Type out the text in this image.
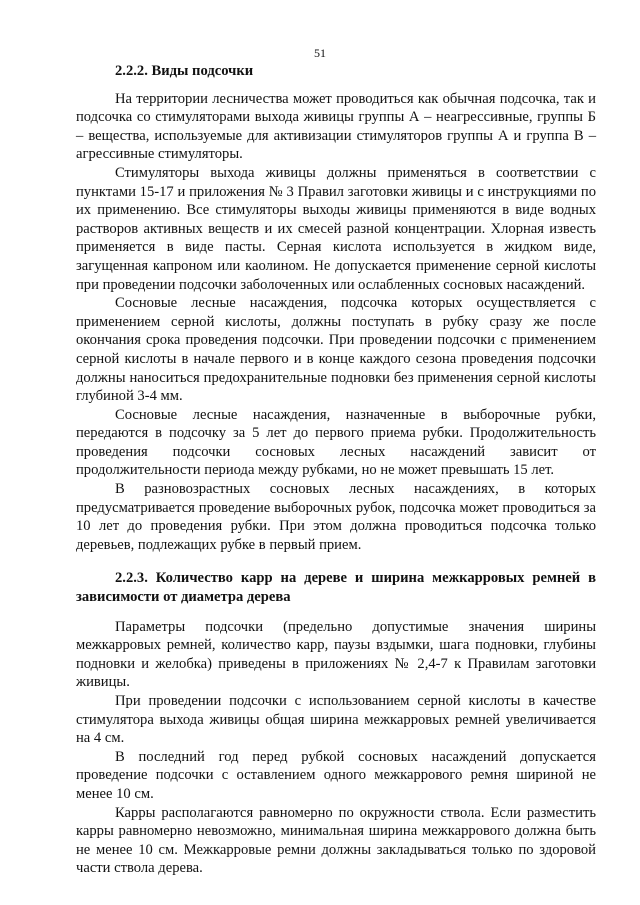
51
2.2.2. Виды подсочки

На территории лесничества может проводиться как обычная подсочка, так и подсочка со стимуляторами выхода живицы группы А – неагрессивные, группы Б – вещества, используемые для активизации стимуляторов группы А и группа В – агрессивные стимуляторы.

Стимуляторы выхода живицы должны применяться в соответствии с пунктами 15-17 и приложения № 3 Правил заготовки живицы и с инструкциями по их применению. Все стимуляторы выходы живицы применяются в виде водных растворов активных веществ и их смесей разной концентрации. Хлорная известь применяется в виде пасты. Серная кислота используется в жидком виде, загущенная капроном или каолином. Не допускается применение серной кислоты при проведении подсочки заболоченных или ослабленных сосновых насаждений.

Сосновые лесные насаждения, подсочка которых осуществляется с применением серной кислоты, должны поступать в рубку сразу же после окончания срока проведения подсочки. При проведении подсочки с применением серной кислоты в начале первого и в конце каждого сезона проведения подсочки должны наноситься предохранительные подновки без применения серной кислоты глубиной 3-4 мм.

Сосновые лесные насаждения, назначенные в выборочные рубки, передаются в подсочку за 5 лет до первого приема рубки. Продолжительность проведения подсочки сосновых лесных насаждений зависит от продолжительности периода между рубками, но не может превышать 15 лет.

В разновозрастных сосновых лесных насаждениях, в которых предусматривается проведение выборочных рубок, подсочка может проводиться за 10 лет до проведения рубки. При этом должна проводиться подсочка только деревьев, подлежащих рубке в первый прием.

2.2.3. Количество карр на дереве и ширина межкарровых ремней в зависимости от диаметра дерева

Параметры подсочки (предельно допустимые значения ширины межкарровых ремней, количество карр, паузы вздымки, шага подновки, глубины подновки и желобка) приведены в приложениях № 2,4-7 к Правилам заготовки живицы.

При проведении подсочки с использованием серной кислоты в качестве стимулятора выхода живицы общая ширина межкарровых ремней увеличивается на 4 см.

В последний год перед рубкой сосновых насаждений допускается проведение подсочки с оставлением одного межкаррового ремня шириной не менее 10 см.

Карры располагаются равномерно по окружности ствола. Если разместить карры равномерно невозможно, минимальная ширина межкаррового должна быть не менее 10 см. Межкарровые ремни должны закладываться только по здоровой части ствола дерева.
